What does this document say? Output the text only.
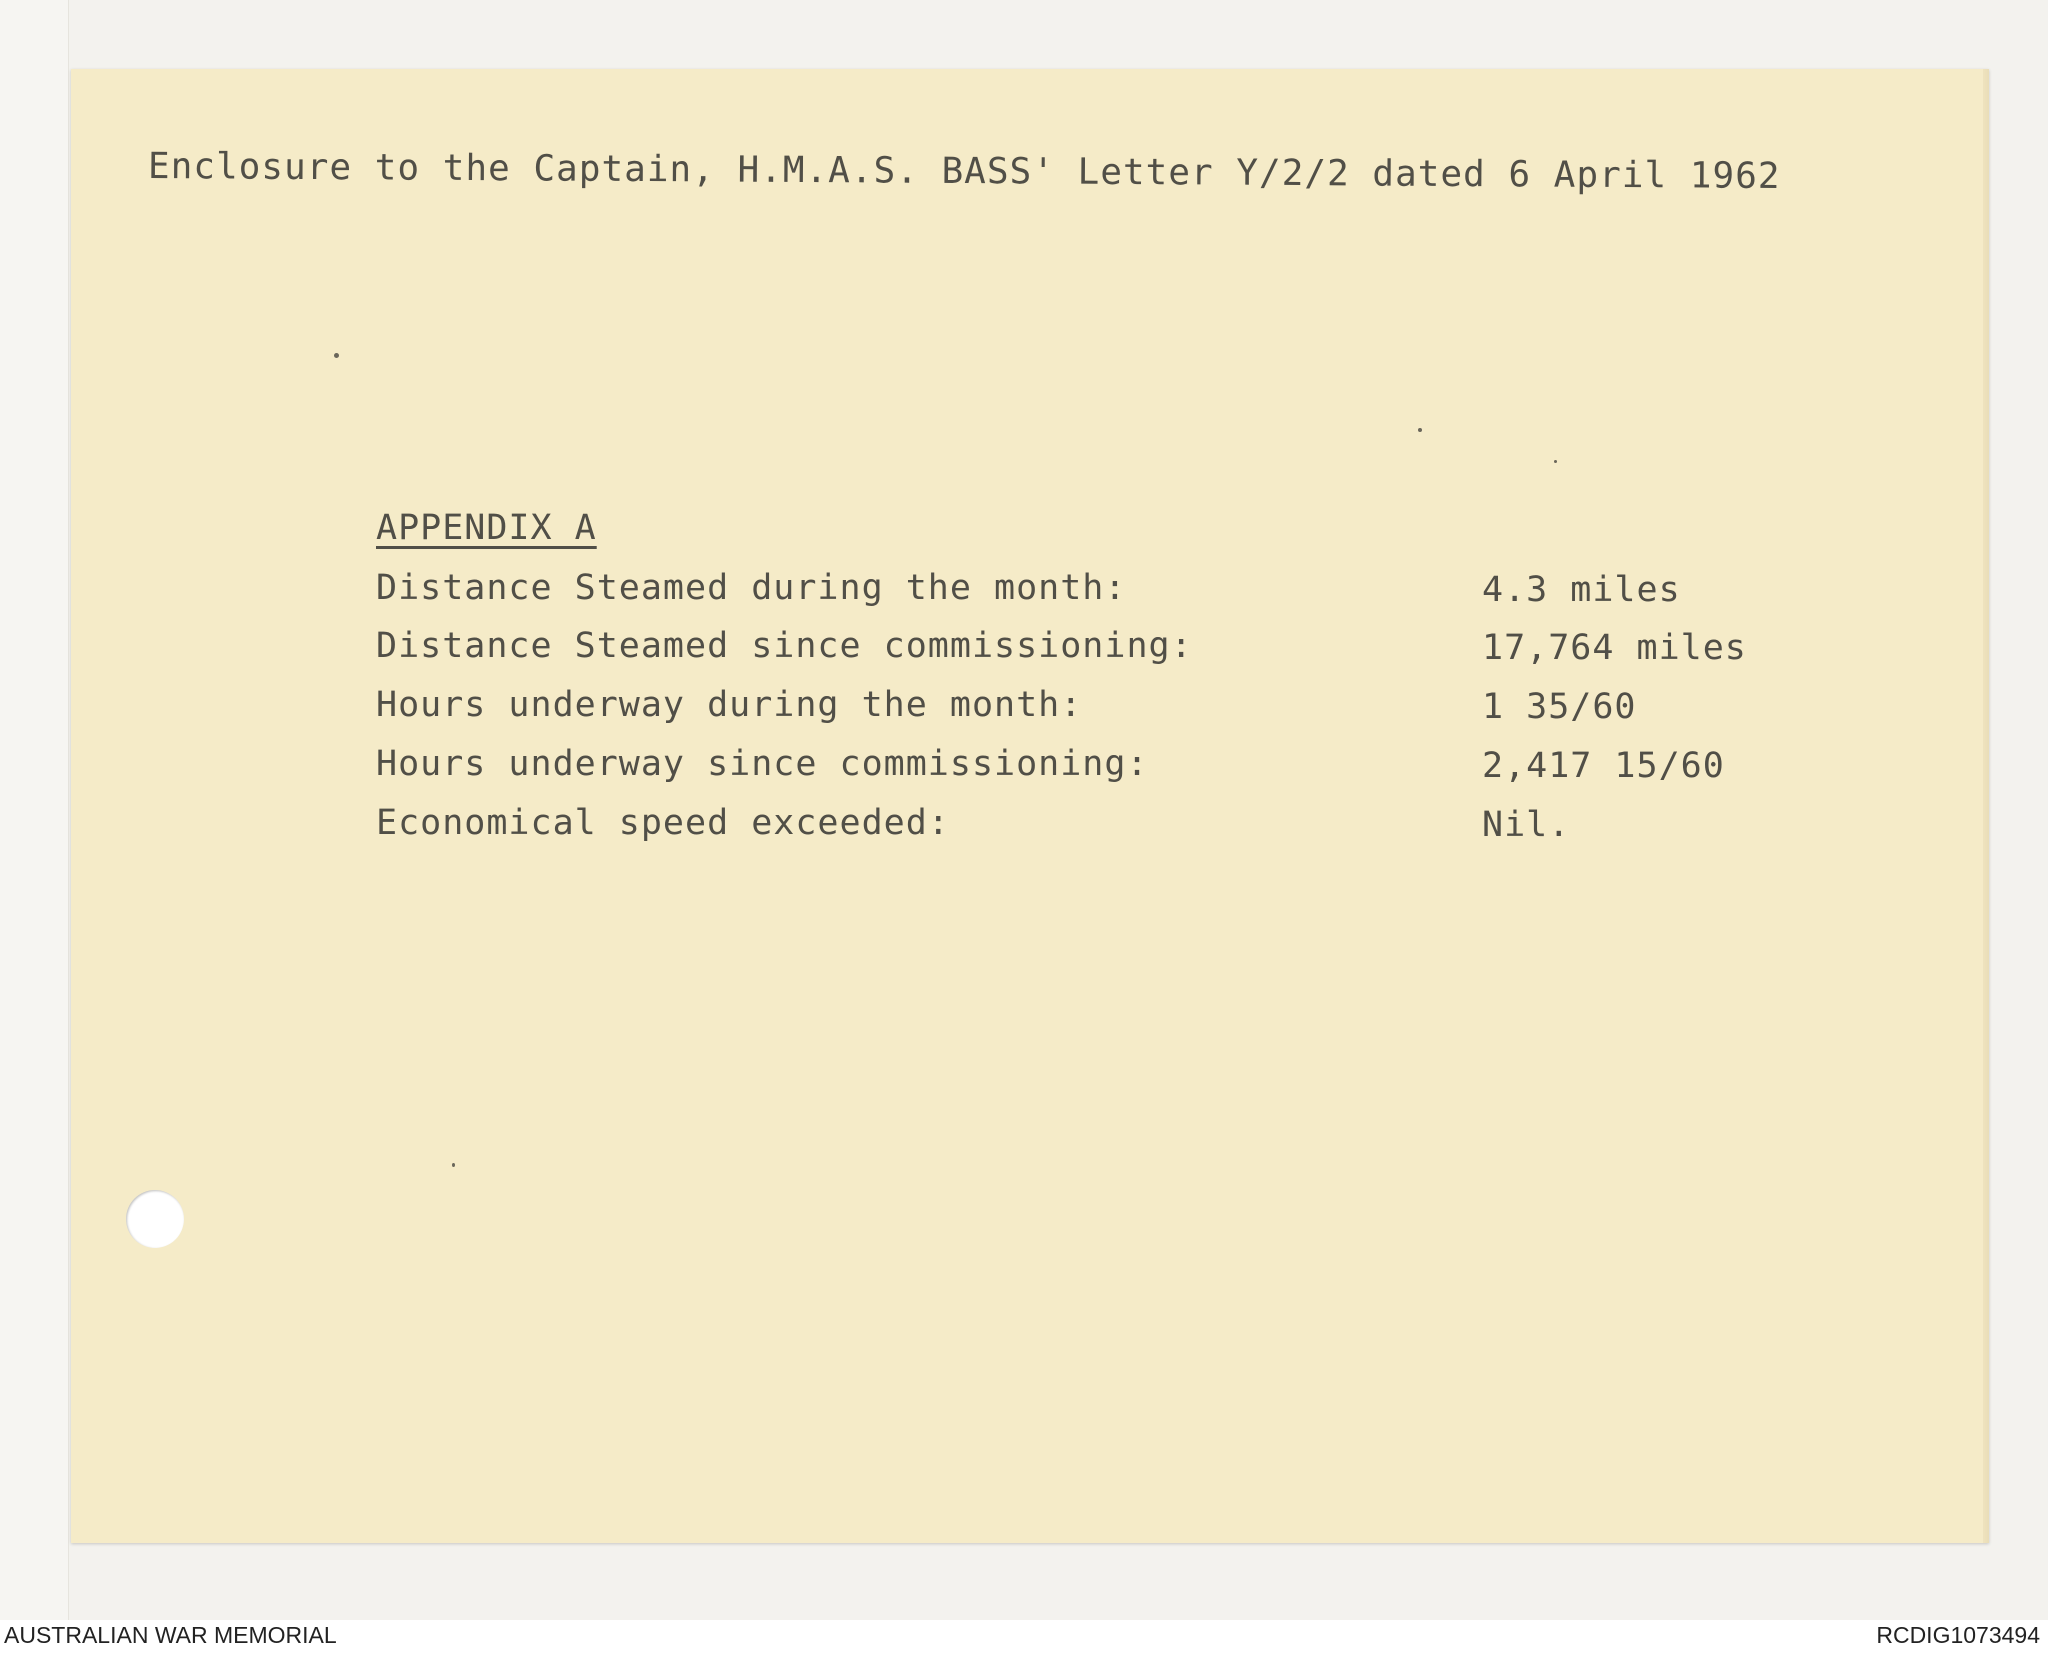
Enclosure to the Captain, H.M.A.S. BASS' Letter Y/2/2 dated 6 April 1962
APPENDIX A
Distance Steamed during the month:	4.3 miles
Distance Steamed since commissioning:	17,764 miles
Hours underway during the month:	1 35/60
Hours underway since commissioning:	2,417 15/60
Economical speed exceeded:	Nil.
AUSTRALIAN WAR MEMORIAL	RCDIG1073494
